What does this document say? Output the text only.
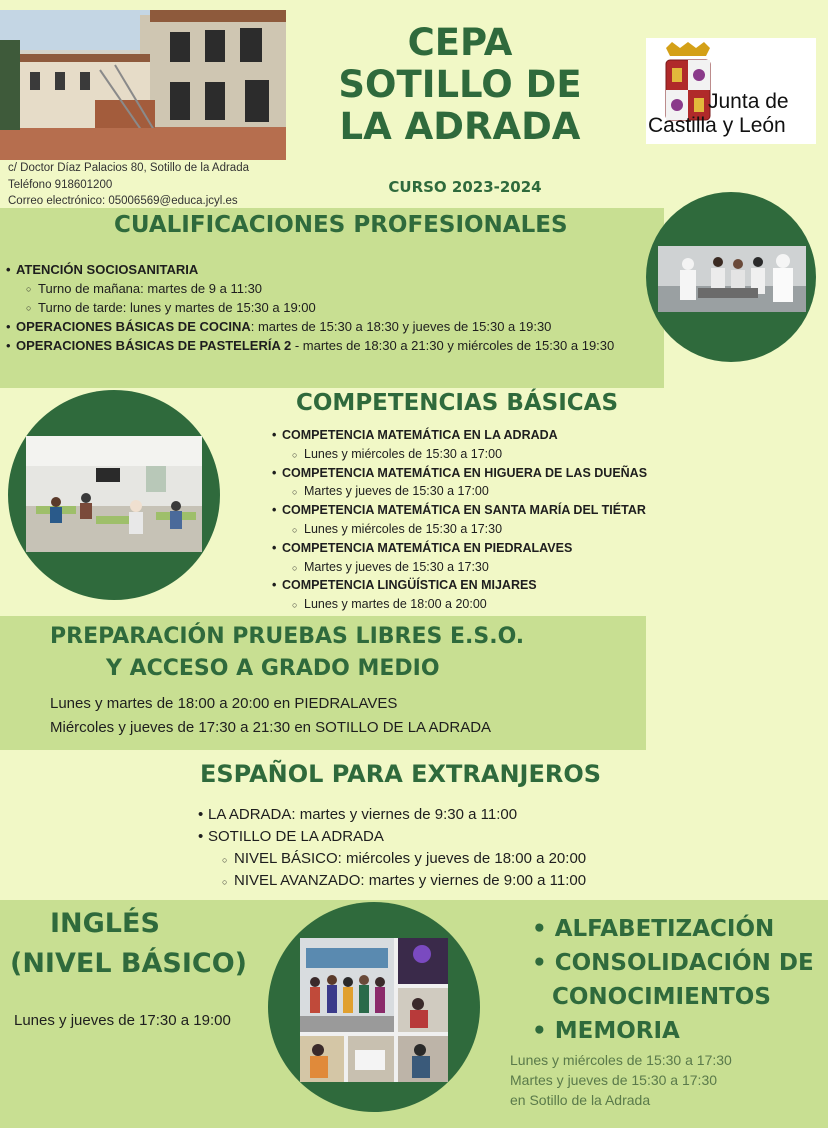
c/ Doctor Díaz Palacios 80, Sotillo de la Adrada
Teléfono 918601200
Correo electrónico: 05006569@educa.jcyl.es
CEPA
SOTILLO DE
LA ADRADA
CURSO 2023-2024
Junta de
Castilla y León
CUALIFICACIONES PROFESIONALES
• ATENCIÓN SOCIOSANITARIA
○ Turno de mañana: martes de 9 a 11:30
○ Turno de tarde: lunes y martes de 15:30 a 19:00
• OPERACIONES BÁSICAS DE COCINA: martes de 15:30 a 18:30 y jueves de 15:30 a 19:30
• OPERACIONES BÁSICAS DE PASTELERÍA 2 - martes de 18:30 a 21:30 y miércoles de 15:30 a 19:30
COMPETENCIAS BÁSICAS
• COMPETENCIA MATEMÁTICA EN LA ADRADA
○ Lunes y miércoles de 15:30 a 17:00
• COMPETENCIA MATEMÁTICA EN HIGUERA DE LAS DUEÑAS
○ Martes y jueves de 15:30 a 17:00
• COMPETENCIA MATEMÁTICA EN SANTA MARÍA DEL TIÉTAR
○ Lunes y miércoles de 15:30 a 17:30
• COMPETENCIA MATEMÁTICA EN PIEDRALAVES
○ Martes y jueves de 15:30 a 17:30
• COMPETENCIA LINGÜÍSTICA EN MIJARES
○ Lunes y martes de 18:00 a 20:00
PREPARACIÓN PRUEBAS LIBRES E.S.O.
Y ACCESO A GRADO MEDIO
Lunes y martes de 18:00 a 20:00 en PIEDRALAVES
Miércoles y jueves de 17:30 a 21:30 en SOTILLO DE LA ADRADA
ESPAÑOL PARA EXTRANJEROS
• LA ADRADA: martes y viernes de 9:30 a 11:00
• SOTILLO DE LA ADRADA
○ NIVEL BÁSICO: miércoles y jueves de 18:00 a 20:00
○ NIVEL AVANZADO: martes y viernes de 9:00 a 11:00
INGLÉS
(NIVEL BÁSICO)
Lunes y jueves de 17:30 a 19:00
• ALFABETIZACIÓN
• CONSOLIDACIÓN DE
CONOCIMIENTOS
• MEMORIA
Lunes y miércoles de 15:30 a 17:30
Martes y jueves de 15:30 a 17:30
en Sotillo de la Adrada
